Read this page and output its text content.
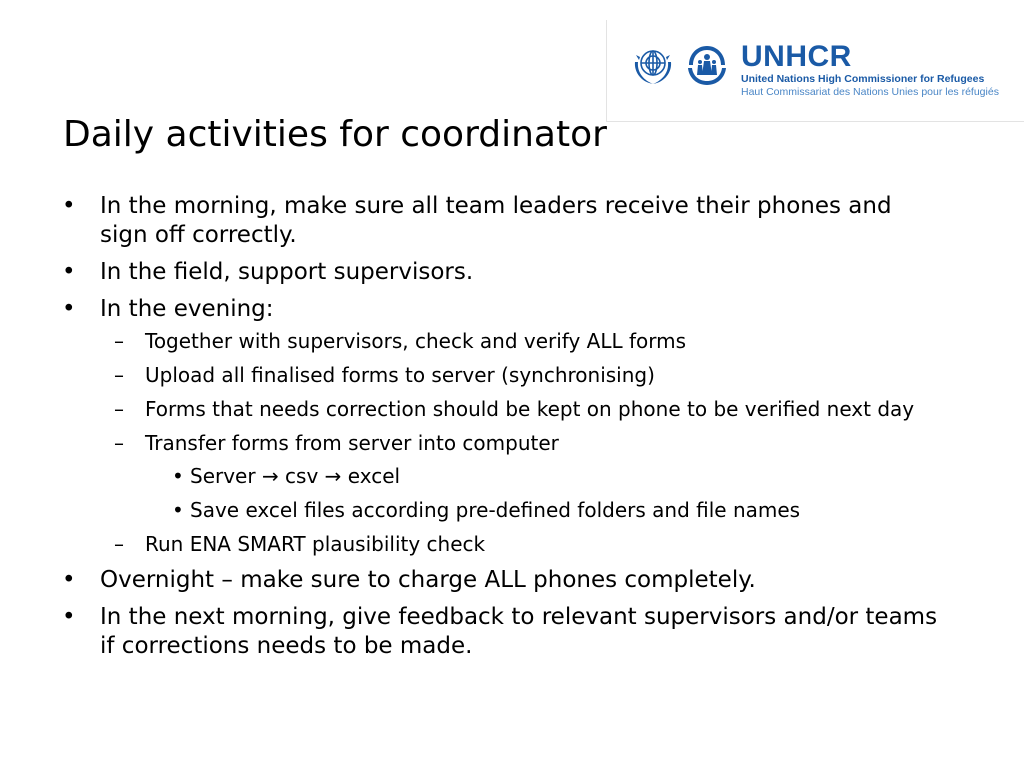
UNHCR
United Nations High Commissioner for Refugees
Haut Commissariat des Nations Unies pour les réfugiés
Daily activities for coordinator
• In the morning, make sure all team leaders receive their phones and sign off correctly.
• In the field, support supervisors.
• In the evening:
– Together with supervisors, check and verify ALL forms
– Upload all finalised forms to server (synchronising)
– Forms that needs correction should be kept on phone to be verified next day
– Transfer forms from server into computer
• Server → csv → excel
• Save excel files according pre-defined folders and file names
– Run ENA SMART plausibility check
• Overnight – make sure to charge ALL phones completely.
• In the next morning, give feedback to relevant supervisors and/or teams if corrections needs to be made.
